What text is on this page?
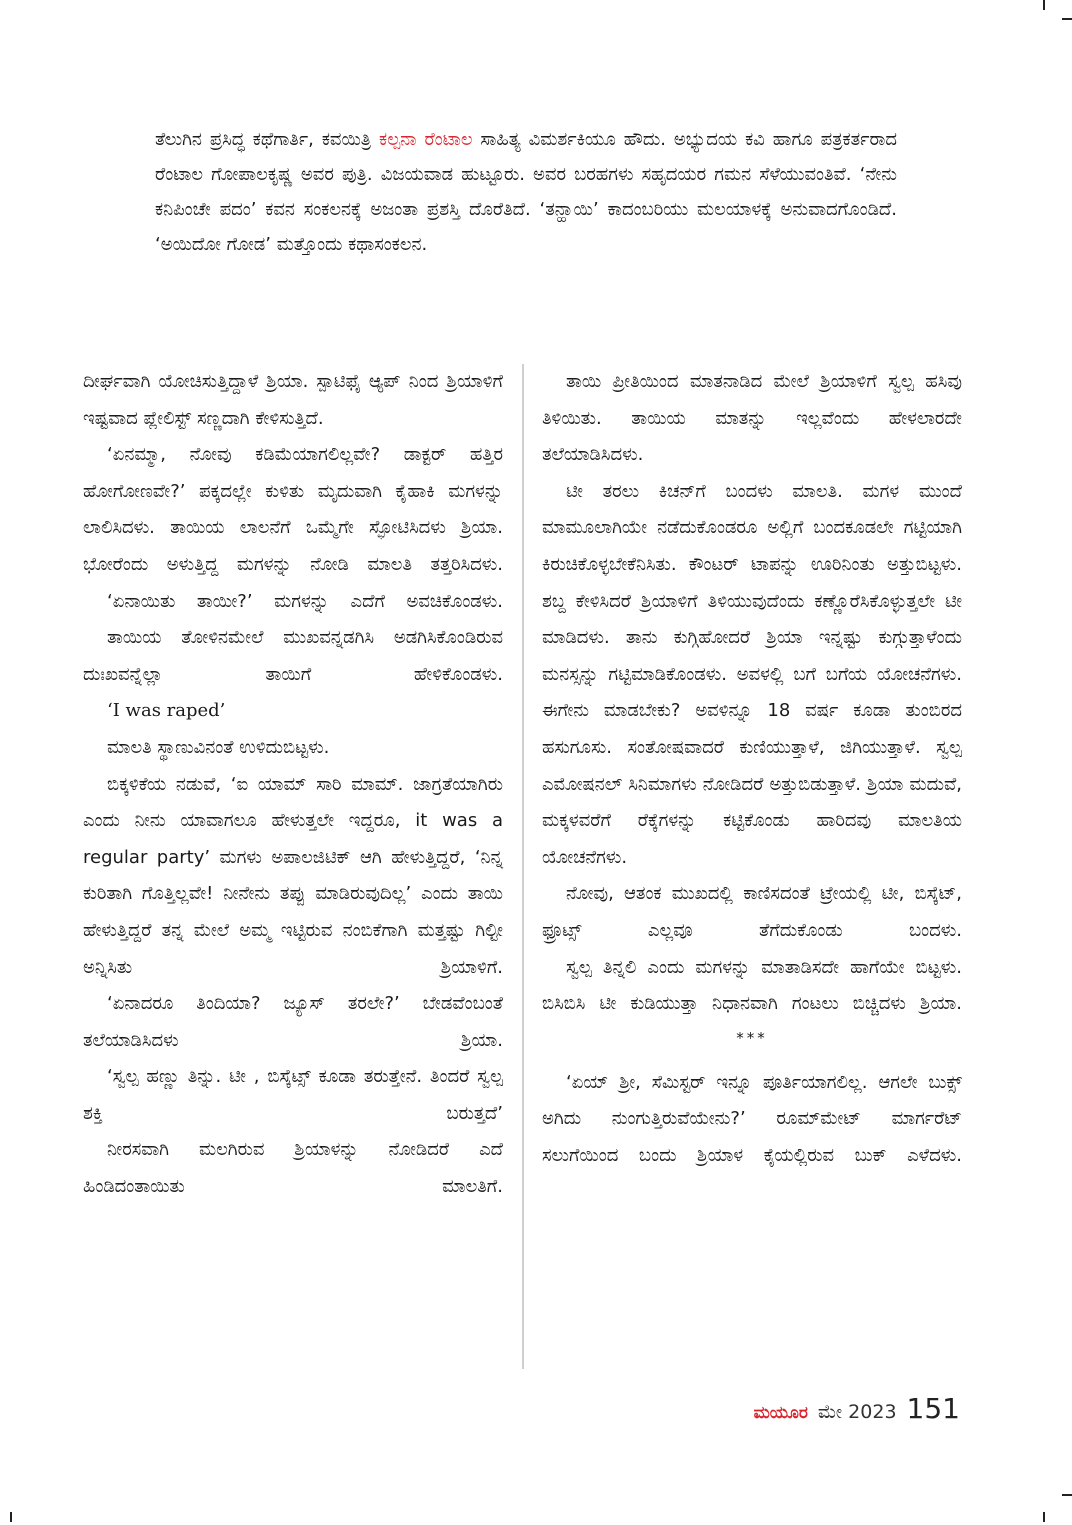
ತೆಲುಗಿನ ಪ್ರಸಿದ್ಧ ಕಥೆಗಾರ್ತಿ, ಕವಯಿತ್ರಿ ಕಲ್ಪನಾ ರೆಂಟಾಲ ಸಾಹಿತ್ಯ ವಿಮರ್ಶಕಿಯೂ ಹೌದು. ಅಭ್ಯುದಯ ಕವಿ ಹಾಗೂ ಪತ್ರಕರ್ತರಾದ ರೆಂಟಾಲ ಗೋಪಾಲಕೃಷ್ಣ ಅವರ ಪುತ್ರಿ. ವಿಜಯವಾಡ ಹುಟ್ಟೂರು. ಅವರ ಬರಹಗಳು ಸಹೃದಯರ ಗಮನ ಸೆಳೆಯುವಂತಿವೆ. ‘ನೇನು ಕನಿಪಿಂಚೇ ಪದಂ’ ಕವನ ಸಂಕಲನಕ್ಕೆ ಅಜಂತಾ ಪ್ರಶಸ್ತಿ ದೊರೆತಿದೆ. ‘ತನ್ಹಾಯಿ’ ಕಾದಂಬರಿಯು ಮಲಯಾಳಕ್ಕೆ ಅನುವಾದಗೊಂಡಿದೆ. ‘ಅಯಿದೋ ಗೋಡ’ ಮತ್ತೊಂದು ಕಥಾಸಂಕಲನ.

ದೀರ್ಘವಾಗಿ ಯೋಚಿಸುತ್ತಿದ್ದಾಳೆ ಶ್ರಿಯಾ. ಸ್ಪಾಟಿಫೈ ಆ್ಯಪ್ ನಿಂದ ಶ್ರಿಯಾಳಿಗೆ ಇಷ್ಟವಾದ ಪ್ಲೇಲಿಸ್ಟ್ ಸಣ್ಣದಾಗಿ ಕೇಳಿಸುತ್ತಿದೆ.

‘ಏನಮ್ಮಾ, ನೋವು ಕಡಿಮೆಯಾಗಲಿಲ್ಲವೇ? ಡಾಕ್ಟರ್ ಹತ್ತಿರ ಹೋಗೋಣವೇ?’ ಪಕ್ಕದಲ್ಲೇ ಕುಳಿತು ಮೃದುವಾಗಿ ಕೈಹಾಕಿ ಮಗಳನ್ನು ಲಾಲಿಸಿದಳು. ತಾಯಿಯ ಲಾಲನೆಗೆ ಒಮ್ಮೆಗೇ ಸ್ಫೋಟಿಸಿದಳು ಶ್ರಿಯಾ. ಭೋರೆಂದು ಅಳುತ್ತಿದ್ದ ಮಗಳನ್ನು ನೋಡಿ ಮಾಲತಿ ತತ್ತರಿಸಿದಳು.

‘ಏನಾಯಿತು ತಾಯೀ?’ ಮಗಳನ್ನು ಎದೆಗೆ ಅವಚಿಕೊಂಡಳು.

ತಾಯಿಯ ತೋಳಿನಮೇಲೆ ಮುಖವನ್ನಡಗಿಸಿ ಅಡಗಿಸಿಕೊಂಡಿರುವ ದುಃಖವನ್ನೆಲ್ಲಾ ತಾಯಿಗೆ ಹೇಳಿಕೊಂಡಳು.

‘I was raped’

ಮಾಲತಿ ಸ್ಥಾಣುವಿನಂತೆ ಉಳಿದುಬಿಟ್ಟಳು.

ಬಿಕ್ಕಳಿಕೆಯ ನಡುವೆ, ‘ಐ ಯಾಮ್ ಸಾರಿ ಮಾಮ್. ಜಾಗ್ರತೆಯಾಗಿರು ಎಂದು ನೀನು ಯಾವಾಗಲೂ ಹೇಳುತ್ತಲೇ ಇದ್ದರೂ, it was a regular party’ ಮಗಳು ಅಪಾಲಜಿಟಿಕ್ ಆಗಿ ಹೇಳುತ್ತಿದ್ದರೆ, ‘ನಿನ್ನ ಕುರಿತಾಗಿ ಗೊತ್ತಿಲ್ಲವೇ! ನೀನೇನು ತಪ್ಪು ಮಾಡಿರುವುದಿಲ್ಲ’ ಎಂದು ತಾಯಿ ಹೇಳುತ್ತಿದ್ದರೆ ತನ್ನ ಮೇಲೆ ಅಮ್ಮ ಇಟ್ಟಿರುವ ನಂಬಿಕೆಗಾಗಿ ಮತ್ತಷ್ಟು ಗಿಲ್ಟೀ ಅನ್ನಿಸಿತು ಶ್ರಿಯಾಳಿಗೆ.

‘ಏನಾದರೂ ತಿಂದಿಯಾ? ಜ್ಯೂಸ್ ತರಲೇ?’ ಬೇಡವೆಂಬಂತೆ ತಲೆಯಾಡಿಸಿದಳು ಶ್ರಿಯಾ.

‘ಸ್ವಲ್ಪ ಹಣ್ಣು ತಿನ್ನು. ಟೀ , ಬಿಸ್ಕೆಟ್ಸ್ ಕೂಡಾ ತರುತ್ತೇನೆ. ತಿಂದರೆ ಸ್ವಲ್ಪ ಶಕ್ತಿ ಬರುತ್ತದೆ’

ನೀರಸವಾಗಿ ಮಲಗಿರುವ ಶ್ರಿಯಾಳನ್ನು ನೋಡಿದರೆ ಎದೆ ಹಿಂಡಿದಂತಾಯಿತು ಮಾಲತಿಗೆ.

ತಾಯಿ ಪ್ರೀತಿಯಿಂದ ಮಾತನಾಡಿದ ಮೇಲೆ ಶ್ರಿಯಾಳಿಗೆ ಸ್ವಲ್ಪ ಹಸಿವು ತಿಳಿಯಿತು. ತಾಯಿಯ ಮಾತನ್ನು ಇಲ್ಲವೆಂದು ಹೇಳಲಾರದೇ ತಲೆಯಾಡಿಸಿದಳು.

ಟೀ ತರಲು ಕಿಚನ್‌ಗೆ ಬಂದಳು ಮಾಲತಿ. ಮಗಳ ಮುಂದೆ ಮಾಮೂಲಾಗಿಯೇ ನಡೆದುಕೊಂಡರೂ ಅಲ್ಲಿಗೆ ಬಂದಕೂಡಲೇ ಗಟ್ಟಿಯಾಗಿ ಕಿರುಚಿಕೊಳ್ಳಬೇಕೆನಿಸಿತು. ಕೌಂಟರ್ ಟಾಪನ್ನು ಊರಿನಿಂತು ಅತ್ತುಬಿಟ್ಟಳು. ಶಬ್ದ ಕೇಳಿಸಿದರೆ ಶ್ರಿಯಾಳಿಗೆ ತಿಳಿಯುವುದೆಂದು ಕಣ್ಣೊರೆಸಿಕೊಳ್ಳುತ್ತಲೇ ಟೀ ಮಾಡಿದಳು. ತಾನು ಕುಗ್ಗಿಹೋದರೆ ಶ್ರಿಯಾ ಇನ್ನಷ್ಟು ಕುಗ್ಗುತ್ತಾಳೆಂದು ಮನಸ್ಸನ್ನು ಗಟ್ಟಿಮಾಡಿಕೊಂಡಳು. ಅವಳಲ್ಲಿ ಬಗೆ ಬಗೆಯ ಯೋಚನೆಗಳು. ಈಗೇನು ಮಾಡಬೇಕು? ಅವಳಿನ್ನೂ 18 ವರ್ಷ ಕೂಡಾ ತುಂಬಿರದ ಹಸುಗೂಸು. ಸಂತೋಷವಾದರೆ ಕುಣಿಯುತ್ತಾಳೆ, ಜಿಗಿಯುತ್ತಾಳೆ. ಸ್ವಲ್ಪ ಎಮೋಷನಲ್ ಸಿನಿಮಾಗಳು ನೋಡಿದರೆ ಅತ್ತುಬಿಡುತ್ತಾಳೆ. ಶ್ರಿಯಾ ಮದುವೆ, ಮಕ್ಕಳವರೆಗೆ ರೆಕ್ಕೆಗಳನ್ನು ಕಟ್ಟಿಕೊಂಡು ಹಾರಿದವು ಮಾಲತಿಯ ಯೋಚನೆಗಳು.

ನೋವು, ಆತಂಕ ಮುಖದಲ್ಲಿ ಕಾಣಿಸದಂತೆ ಟ್ರೇಯಲ್ಲಿ ಟೀ, ಬಿಸ್ಕೆಟ್, ಫ್ರೂಟ್ಸ್ ಎಲ್ಲವೂ ತೆಗೆದುಕೊಂಡು ಬಂದಳು.

ಸ್ವಲ್ಪ ತಿನ್ನಲಿ ಎಂದು ಮಗಳನ್ನು ಮಾತಾಡಿಸದೇ ಹಾಗೆಯೇ ಬಿಟ್ಟಳು. ಬಿಸಿಬಿಸಿ ಟೀ ಕುಡಿಯುತ್ತಾ ನಿಧಾನವಾಗಿ ಗಂಟಲು ಬಿಚ್ಚಿದಳು ಶ್ರಿಯಾ.

***

‘ಏಯ್ ಶ್ರೀ, ಸೆಮಿಸ್ಟರ್ ಇನ್ನೂ ಪೂರ್ತಿಯಾಗಲಿಲ್ಲ. ಆಗಲೇ ಬುಕ್ಸ್ ಅಗಿದು ನುಂಗುತ್ತಿರುವೆಯೇನು?’ ರೂಮ್‌ಮೇಟ್ ಮಾರ್ಗರೆಟ್ ಸಲುಗೆಯಿಂದ ಬಂದು ಶ್ರಿಯಾಳ ಕೈಯಲ್ಲಿರುವ ಬುಕ್ ಎಳೆದಳು.

ಮಯೂರ ಮೇ 2023 151
